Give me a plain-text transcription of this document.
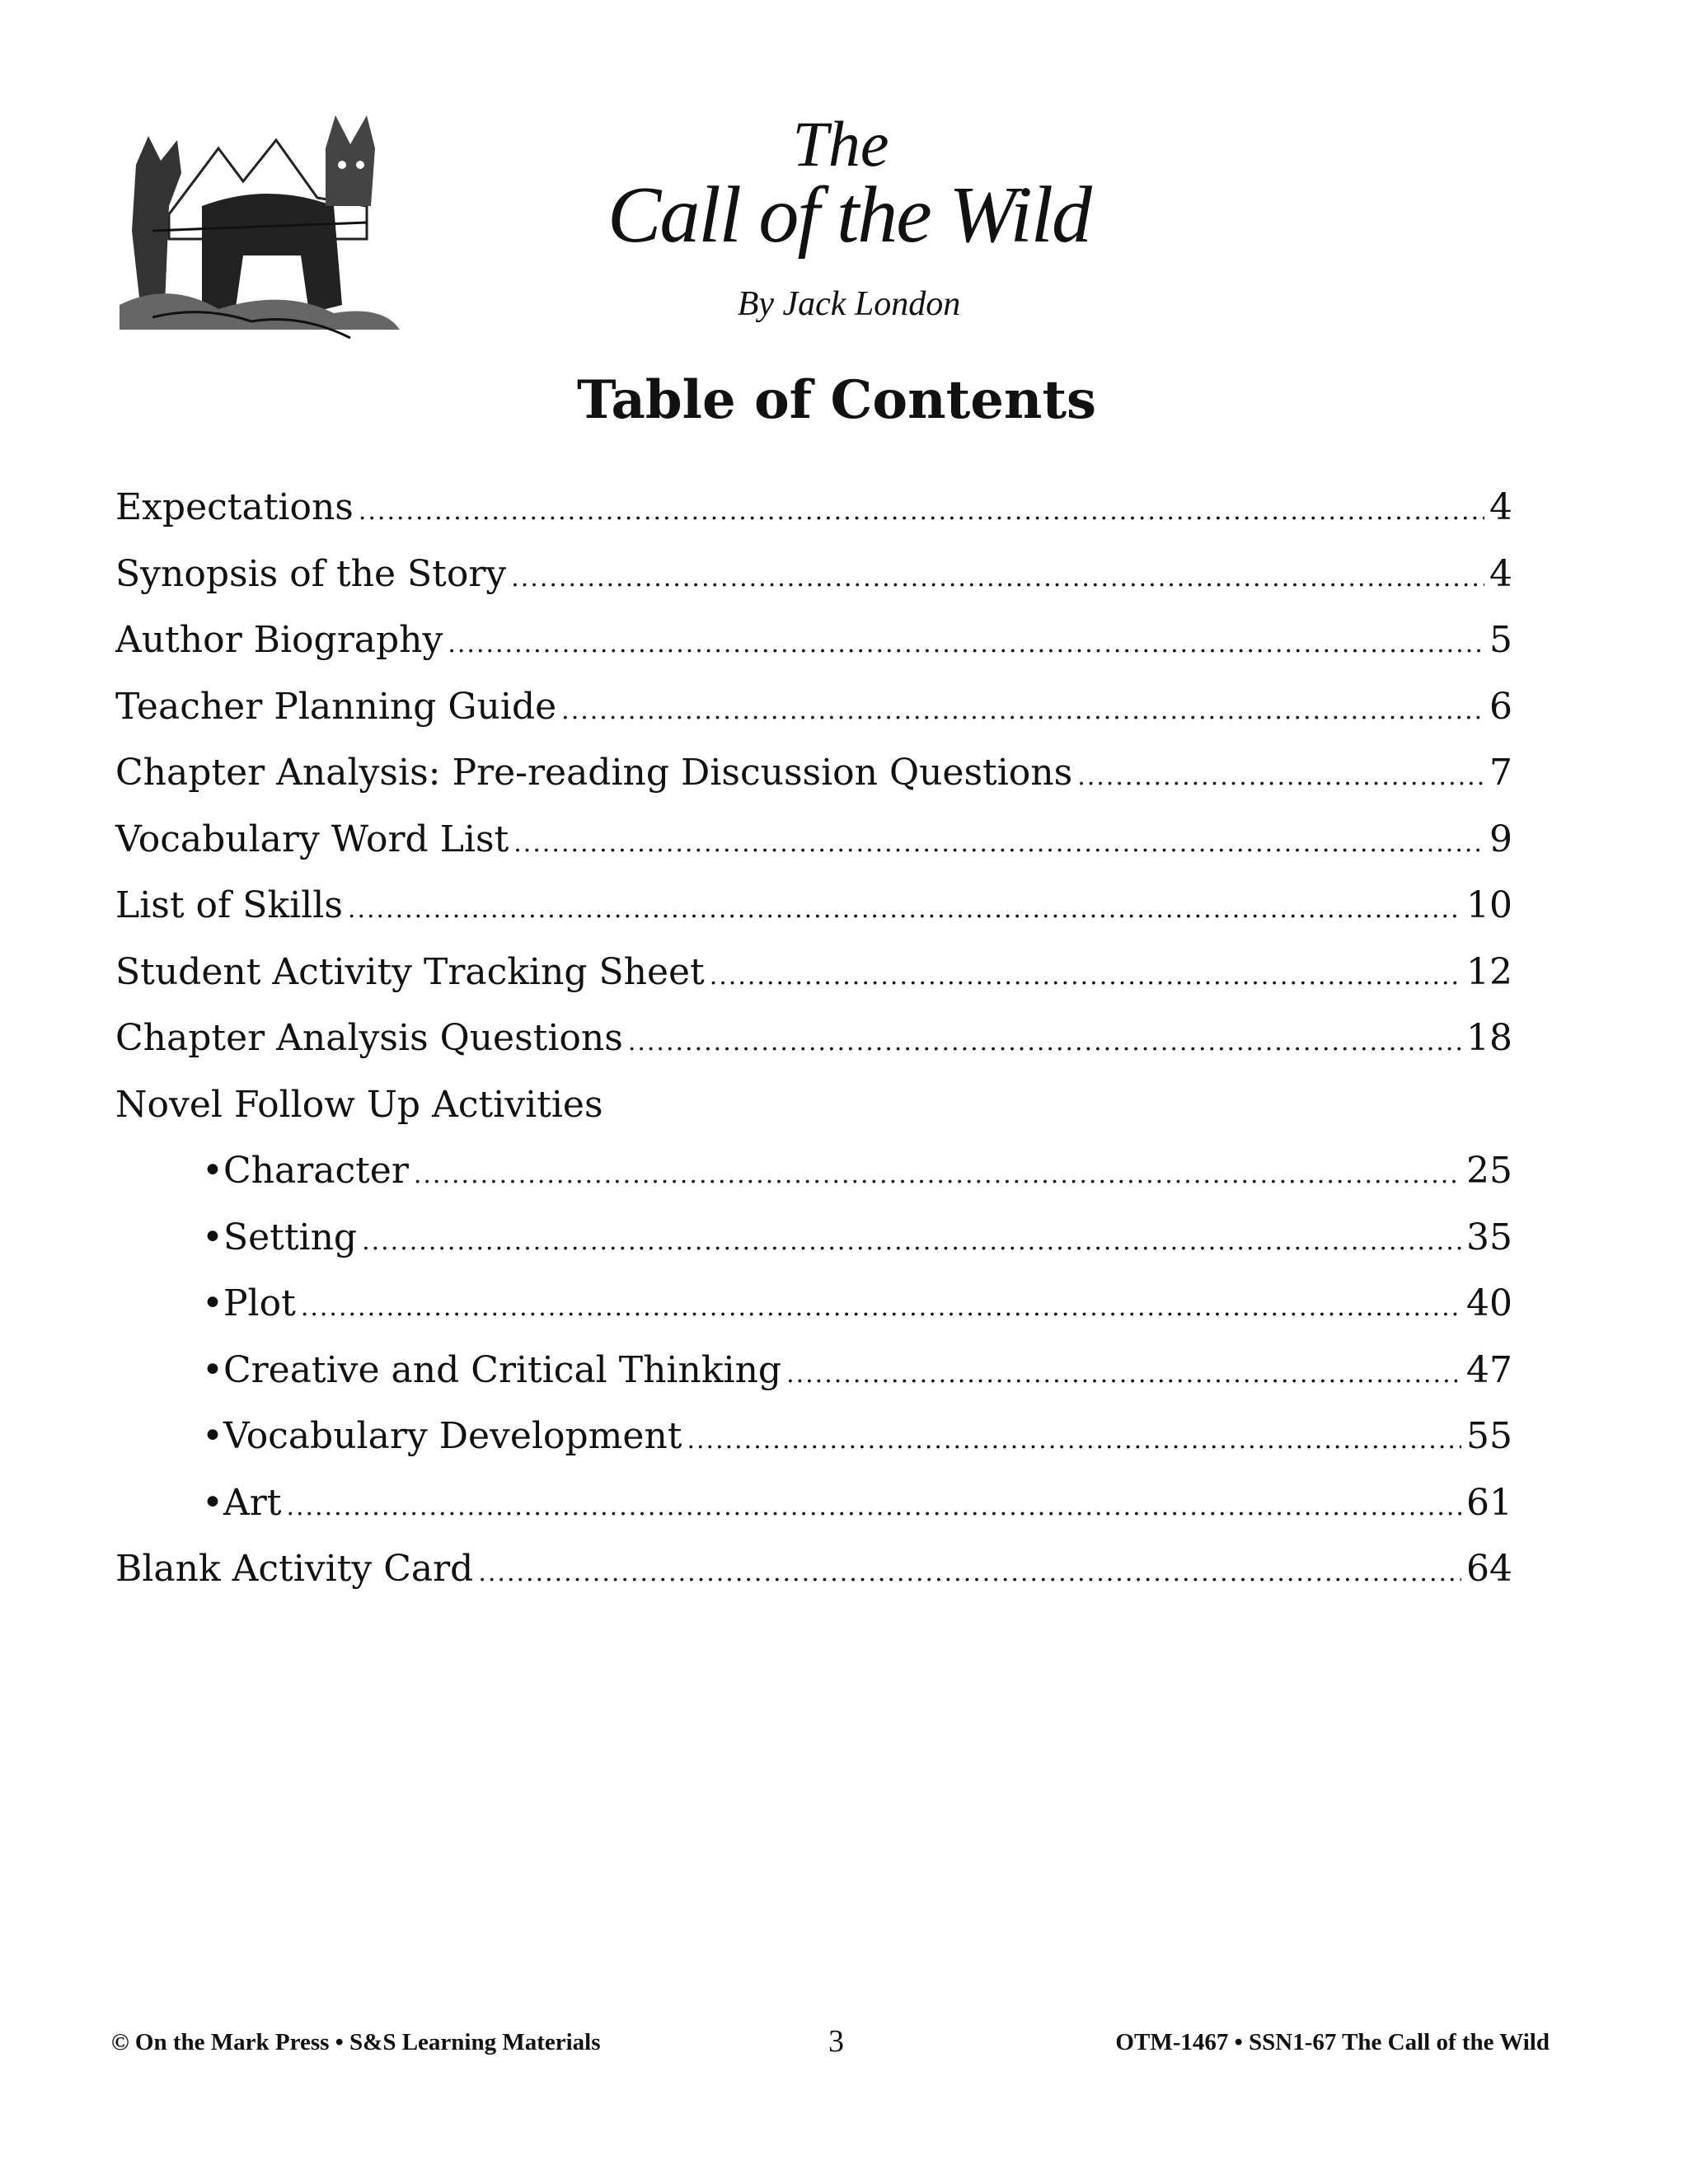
The
Call of the Wild
By Jack London
Table of Contents
Expectations .....	4
Synopsis of the Story .....	4
Author Biography .....	5
Teacher Planning Guide .....	6
Chapter Analysis: Pre-reading Discussion Questions .....	7
Vocabulary Word List .....	9
List of Skills .....	10
Student Activity Tracking Sheet .....	12
Chapter Analysis Questions .....	18
Novel Follow Up Activities
• Character .....	25
• Setting .....	35
• Plot .....	40
• Creative and Critical Thinking .....	47
• Vocabulary Development .....	55
• Art .....	61
Blank Activity Card .....	64
© On the Mark Press • S&S Learning Materials	3	OTM-1467 • SSN1-67 The Call of the Wild
